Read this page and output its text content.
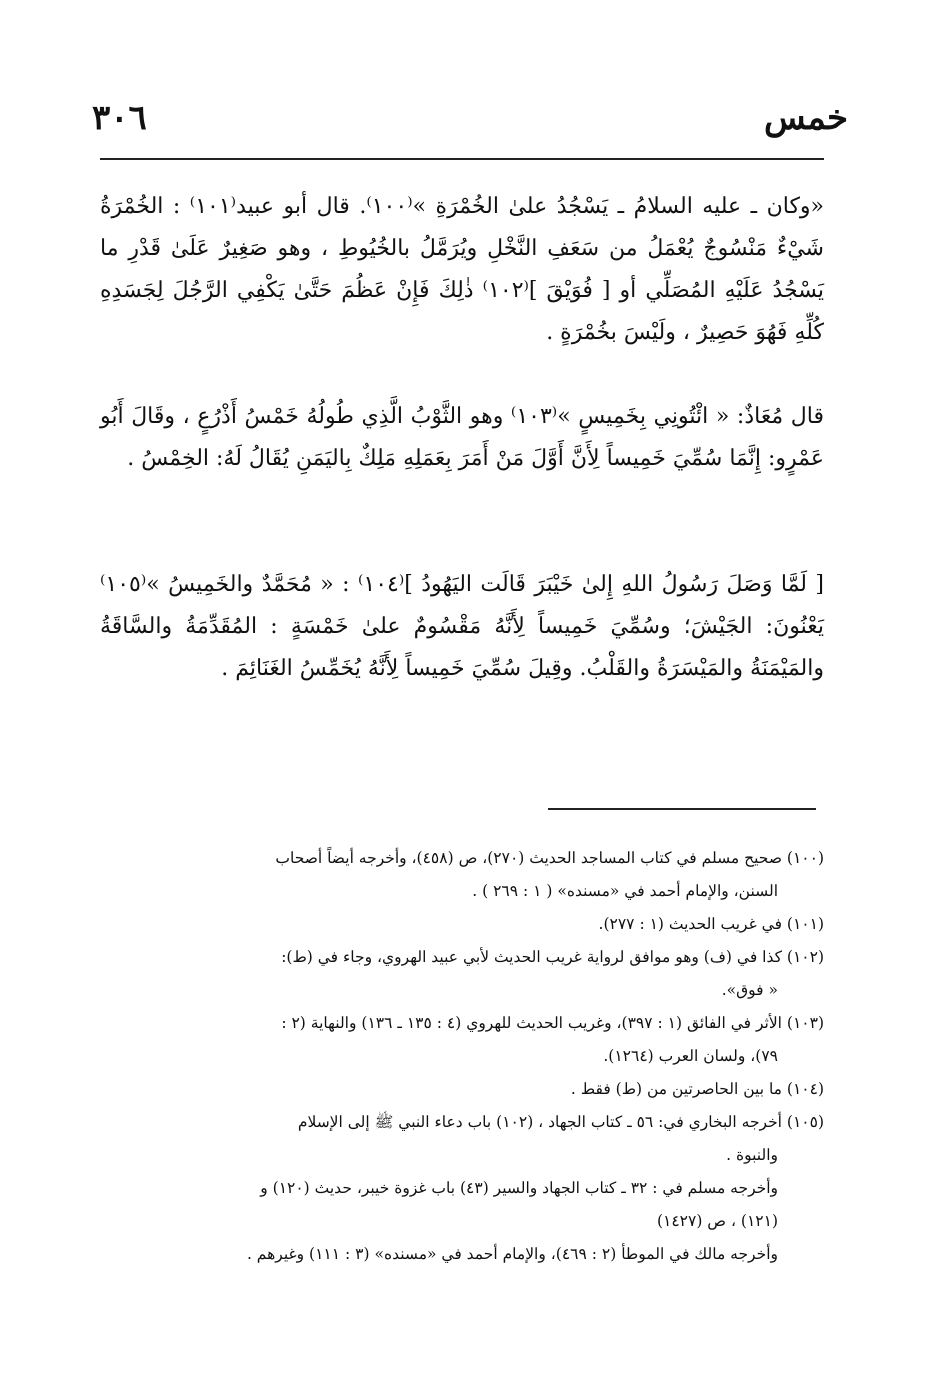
٣٠٦	خمس

«وكان ـ عليه السلامُ ـ يَسْجُدُ علىٰ الخُمْرَةِ »⁽١٠٠⁾. قال أبو عبيد⁽١٠١⁾ : الخُمْرَةُ شَيْءٌ مَنْسُوجٌ يُعْمَلُ من سَعَفِ النَّخْلِ ويُرَمَّلُ بالخُيُوطِ ، وهو صَغِيرٌ عَلَىٰ قَدْرِ ما يَسْجُدُ عَلَيْهِ المُصَلِّي أو [ فُوَيْقَ ]⁽١٠٢⁾ ذٰلِكَ فَإِنْ عَظُمَ حَتَّىٰ يَكْفِي الرَّجُلَ لِجَسَدِهِ كُلِّهِ فَهُوَ حَصِيرٌ ، ولَيْسَ بخُمْرَةٍ .

قال مُعَاذٌ: « ائْتُونِي بِخَمِيسٍ »⁽١٠٣⁾ وهو الثَّوْبُ الَّذِي طُولُهُ خَمْسُ أَذْرُعٍ ، وقَالَ أَبُو عَمْرٍو: إِنَّمَا سُمِّيَ خَمِيساً لِأَنَّ أَوَّلَ مَنْ أَمَرَ بِعَمَلِهِ مَلِكٌ بِاليَمَنِ يُقَالُ لَهُ: الخِمْسُ .

[ لَمَّا وَصَلَ رَسُولُ اللهِ إِلىٰ خَيْبَرَ قَالَت اليَهُودُ ]⁽١٠٤⁾ : « مُحَمَّدٌ والخَمِيسُ »⁽١٠٥⁾ يَعْنُونَ: الجَيْشَ؛ وسُمِّيَ خَمِيساً لِأَنَّهُ مَقْسُومٌ علىٰ خَمْسَةٍ : المُقَدِّمَةُ والسَّاقَةُ والمَيْمَنَةُ والمَيْسَرَةُ والقَلْبُ. وقِيلَ سُمِّيَ خَمِيساً لِأَنَّهُ يُخَمِّسُ الغَنَائِمَ .

(١٠٠) صحيح مسلم في كتاب المساجد الحديث (٢٧٠)، ص (٤٥٨)، وأخرجه أيضاً أصحاب
السنن، والإمام أحمد في «مسنده» ( ١ : ٢٦٩ ) .
(١٠١) في غريب الحديث (١ : ٢٧٧).
(١٠٢) كذا في (ف) وهو موافق لرواية غريب الحديث لأبي عبيد الهروي، وجاء في (ط):
« فوق».
(١٠٣) الأثر في الفائق (١ : ٣٩٧)، وغريب الحديث للهروي (٤ : ١٣٥ ـ ١٣٦) والنهاية (٢ :
٧٩)، ولسان العرب (١٢٦٤).
(١٠٤) ما بين الحاصرتين من (ط) فقط .
(١٠٥) أخرجه البخاري في: ٥٦ ـ كتاب الجهاد ، (١٠٢) باب دعاء النبي ﷺ إلى الإسلام
والنبوة .
وأخرجه مسلم في : ٣٢ ـ كتاب الجهاد والسير (٤٣) باب غزوة خيبر، حديث (١٢٠) و
(١٢١) ، ص (١٤٢٧)
وأخرجه مالك في الموطأ (٢ : ٤٦٩)، والإمام أحمد في «مسنده» (٣ : ١١١) وغيرهم .
